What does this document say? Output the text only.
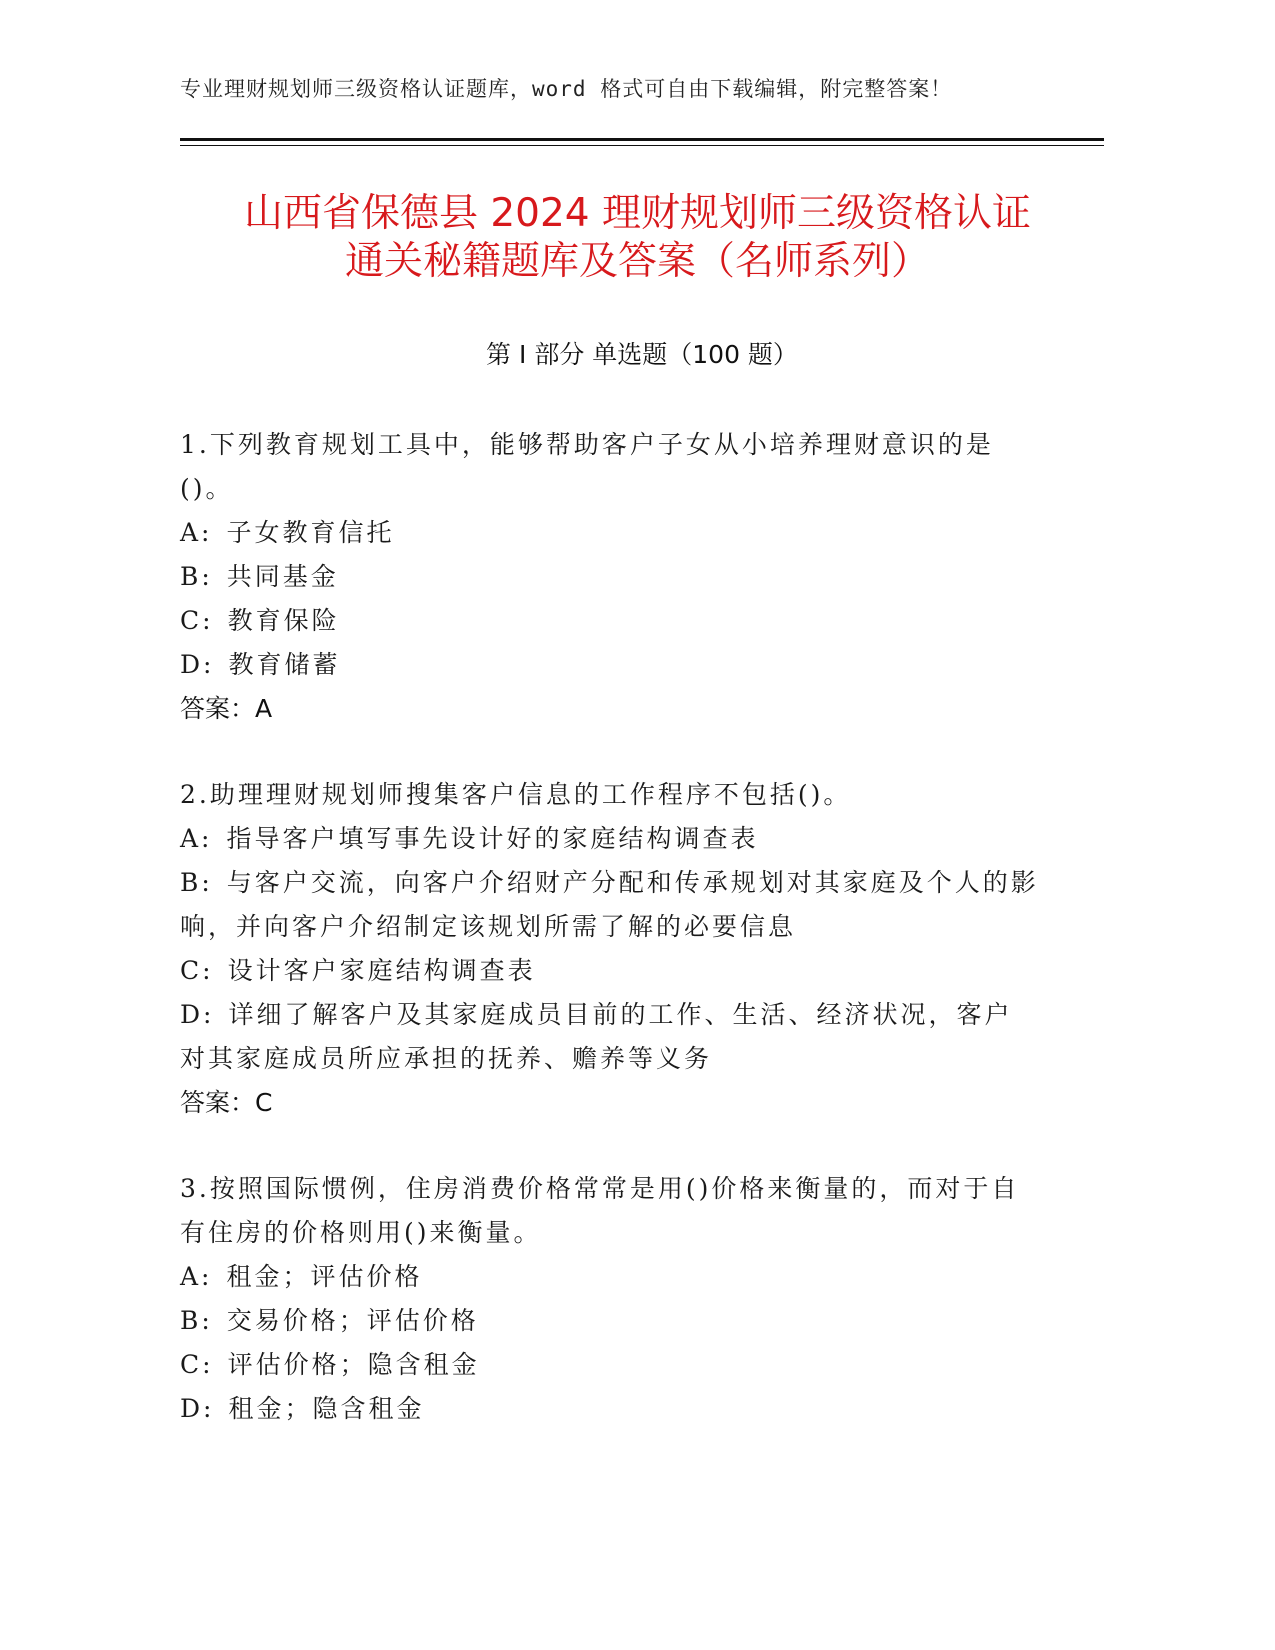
专业理财规划师三级资格认证题库，word 格式可自由下载编辑，附完整答案！
山西省保德县 2024 理财规划师三级资格认证
通关秘籍题库及答案（名师系列）
第 I 部分 单选题（100 题）

1.下列教育规划工具中，能够帮助客户子女从小培养理财意识的是()。

A: 子女教育信托

B: 共同基金

C: 教育保险

D: 教育储蓄

答案：A

2.助理理财规划师搜集客户信息的工作程序不包括()。

A: 指导客户填写事先设计好的家庭结构调查表

B: 与客户交流，向客户介绍财产分配和传承规划对其家庭及个人的影响，并向客户介绍制定该规划所需了解的必要信息

C: 设计客户家庭结构调查表

D: 详细了解客户及其家庭成员目前的工作、生活、经济状况，客户对其家庭成员所应承担的抚养、赡养等义务

答案：C

3.按照国际惯例，住房消费价格常常是用()价格来衡量的，而对于自有住房的价格则用()来衡量。

A: 租金；评估价格

B: 交易价格；评估价格

C: 评估价格；隐含租金

D: 租金；隐含租金
